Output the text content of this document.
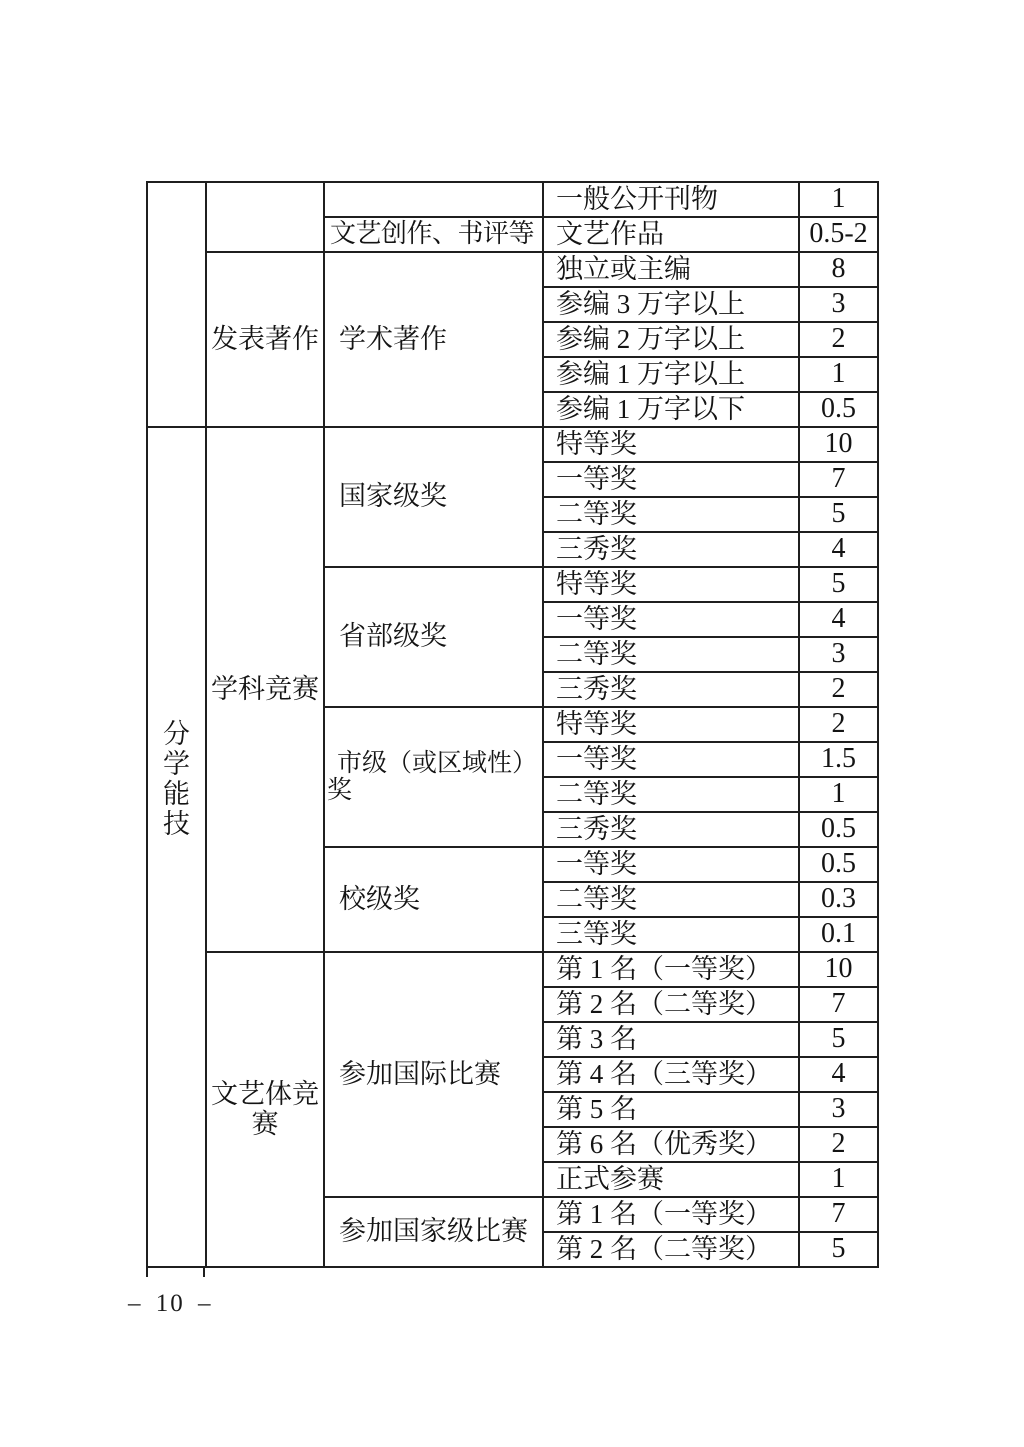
			一般公开刊物	1
		文艺创作、书评等	文艺作品	0.5-2
	发表著作	学术著作	独立或主编	8
			参编 3 万字以上	3
			参编 2 万字以上	2
			参编 1 万字以上	1
			参编 1 万字以下	0.5

分学能技	学科竞赛	国家级奖	特等奖	10
			一等奖	7
			二等奖	5
			三秀奖	4
		省部级奖	特等奖	5
			一等奖	4
			二等奖	3
			三秀奖	2
		市级（或区域性）奖	特等奖	2
			一等奖	1.5
			二等奖	1
			三秀奖	0.5
		校级奖	一等奖	0.5
			二等奖	0.3
			三等奖	0.1
	文艺体竞赛	参加国际比赛	第 1 名（一等奖）	10
			第 2 名（二等奖）	7
			第 3 名	5
			第 4 名（三等奖）	4
			第 5 名	3
			第 6 名（优秀奖）	2
			正式参赛	1
		参加国家级比赛	第 1 名（一等奖）	7
			第 2 名（二等奖）	5
– 10 –
